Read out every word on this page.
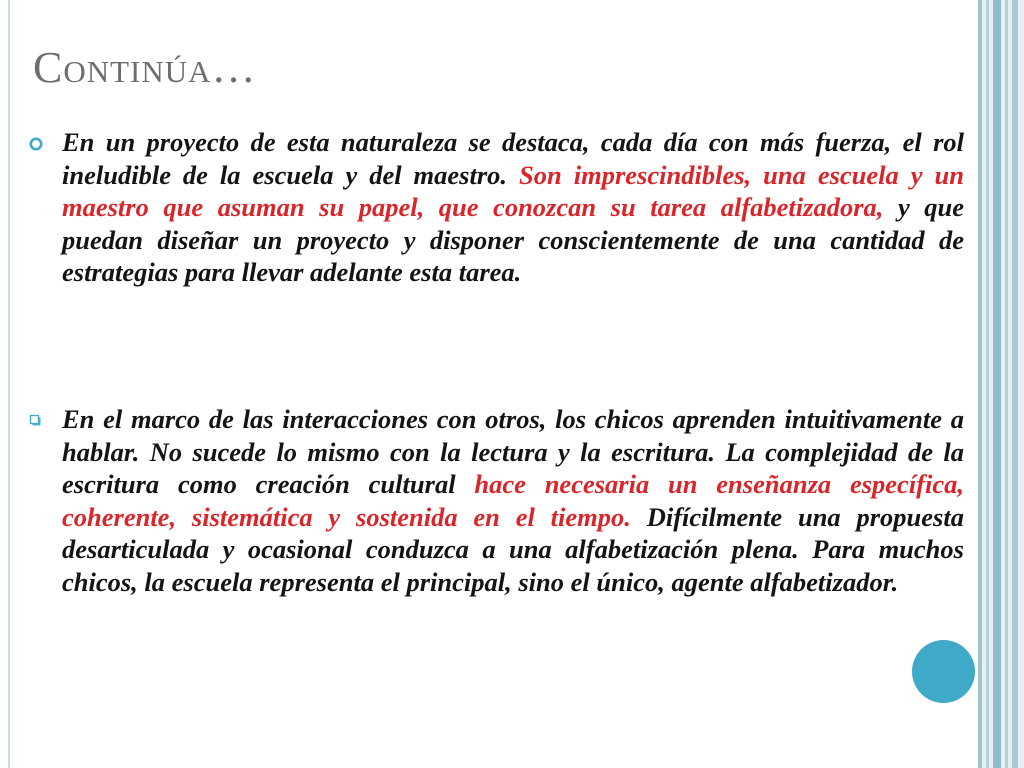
Continúa…

En un proyecto de esta naturaleza se destaca, cada día con más fuerza, el rol ineludible de la escuela y del maestro. Son imprescindibles, una escuela y un maestro que asuman su papel, que conozcan su tarea alfabetizadora, y que puedan diseñar un proyecto y disponer conscientemente de una cantidad de estrategias para llevar adelante esta tarea.

En el marco de las interacciones con otros, los chicos aprenden intuitivamente a hablar. No sucede lo mismo con la lectura y la escritura. La complejidad de la escritura como creación cultural hace necesaria un enseñanza específica, coherente, sistemática y sostenida en el tiempo. Difícilmente una propuesta desarticulada y ocasional conduzca a una alfabetización plena. Para muchos chicos, la escuela representa el principal, sino el único, agente alfabetizador.
